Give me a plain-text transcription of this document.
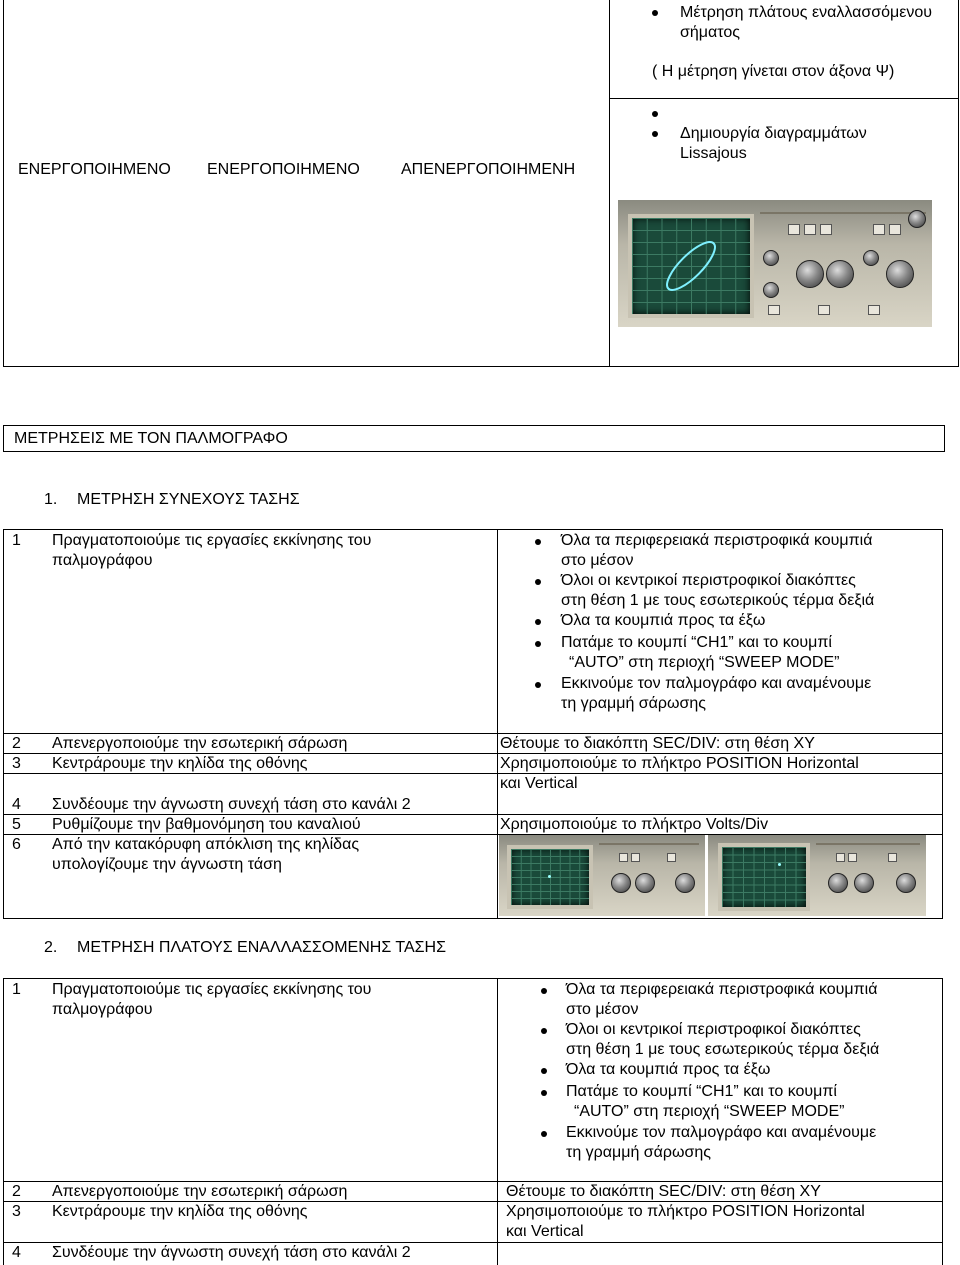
Μέτρηση πλάτους εναλλασσόμενου
σήματος
( Η μέτρηση γίνεται στον άξονα Ψ)
Δημιουργία διαγραμμάτων
Lissajous
ΕΝΕΡΓΟΠΟΙΗΜΕΝΟ ΕΝΕΡΓΟΠΟΙΗΜΕΝΟ	ΑΠΕΝΕΡΓΟΠΟΙΗΜΕΝΗ
ΜΕΤΡΗΣΕΙΣ ΜΕ ΤΟΝ ΠΑΛΜΟΓΡΑΦΟ
1. ΜΕΤΡΗΣΗ ΣΥΝΕΧΟΥΣ ΤΑΣΗΣ
1 Πραγματοποιούμε τις εργασίες εκκίνησης του
παλμογράφου
Όλα τα περιφερειακά περιστροφικά κουμπιά
στο μέσον
Όλοι οι κεντρικοί περιστροφικοί διακόπτες
στη θέση 1 με τους εσωτερικούς τέρμα δεξιά
Όλα τα κουμπιά προς τα έξω
Πατάμε το κουμπί “CH1” και το κουμπί
“AUTO” στη περιοχή “SWEEP MODE”
Εκκινούμε τον παλμογράφο και αναμένουμε
τη γραμμή σάρωσης
2 Απενεργοποιούμε την εσωτερική σάρωση	Θέτουμε το διακόπτη SEC/DIV: στη θέση XY
3 Κεντράρουμε την κηλίδα της οθόνης	Χρησιμοποιούμε το πλήκτρο POSITION Horizontal
και Vertical
4 Συνδέουμε την άγνωστη συνεχή τάση στο κανάλι 2
5 Ρυθμίζουμε την βαθμονόμηση του καναλιού	Χρησιμοποιούμε το πλήκτρο Volts/Div
6 Από την κατακόρυφη απόκλιση της κηλίδας
υπολογίζουμε την άγνωστη τάση
2. ΜΕΤΡΗΣΗ ΠΛΑΤΟΥΣ ΕΝΑΛΛΑΣΣΟΜΕΝΗΣ ΤΑΣΗΣ
1 Πραγματοποιούμε τις εργασίες εκκίνησης του
παλμογράφου
Όλα τα περιφερειακά περιστροφικά κουμπιά
στο μέσον
Όλοι οι κεντρικοί περιστροφικοί διακόπτες
στη θέση 1 με τους εσωτερικούς τέρμα δεξιά
Όλα τα κουμπιά προς τα έξω
Πατάμε το κουμπί “CH1” και το κουμπί
“AUTO” στη περιοχή “SWEEP MODE”
Εκκινούμε τον παλμογράφο και αναμένουμε
τη γραμμή σάρωσης
2 Απενεργοποιούμε την εσωτερική σάρωση	Θέτουμε το διακόπτη SEC/DIV: στη θέση XY
3 Κεντράρουμε την κηλίδα της οθόνης	Χρησιμοποιούμε το πλήκτρο POSITION Horizontal
και Vertical
4 Συνδέουμε την άγνωστη συνεχή τάση στο κανάλι 2
